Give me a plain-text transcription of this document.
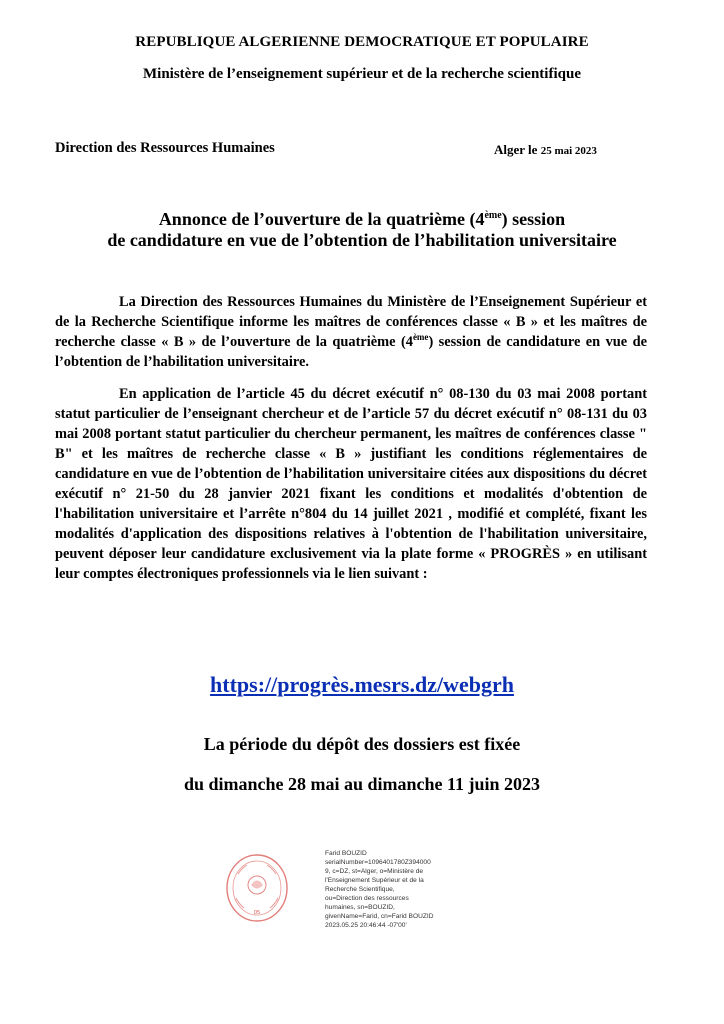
REPUBLIQUE ALGERIENNE DEMOCRATIQUE ET POPULAIRE
Ministère de l’enseignement supérieur et de la recherche scientifique
Direction des Ressources Humaines	Alger le 25 mai 2023
Annonce de l’ouverture de la quatrième (4ème) session
de candidature en vue de l’obtention de l’habilitation universitaire
La Direction des Ressources Humaines du Ministère de l’Enseignement Supérieur et de la Recherche Scientifique informe les maîtres de conférences classe « B » et les maîtres de recherche classe « B » de l’ouverture de la quatrième (4ème) session de candidature en vue de l’obtention de l’habilitation universitaire.
En application de l’article 45 du décret exécutif n° 08-130 du 03 mai 2008 portant statut particulier de l’enseignant chercheur et de l’article 57 du décret exécutif n° 08-131 du 03 mai 2008 portant statut particulier du chercheur permanent, les maîtres de conférences classe " B" et les maîtres de recherche classe « B » justifiant les conditions réglementaires de candidature en vue de l’obtention de l’habilitation universitaire citées aux dispositions du décret exécutif n° 21-50 du 28 janvier 2021 fixant les conditions et modalités d'obtention de l'habilitation universitaire et l’arrête n°804 du 14 juillet 2021 , modifié et complété, fixant les modalités d'application des dispositions relatives à l'obtention de l'habilitation universitaire, peuvent déposer leur candidature exclusivement via la plate forme « PROGRÈS » en utilisant leur comptes électroniques professionnels via le lien suivant :
https://progrès.mesrs.dz/webgrh
La période du dépôt des dossiers est fixée
du dimanche 28 mai au dimanche 11 juin 2023
05
Farid BOUZID
serialNumber=1096401780Z394000
9, c=DZ, st=Alger, o=Ministère de
l'Enseignement Supérieur et de la
Recherche Scientifique,
ou=Direction des ressources
humaines, sn=BOUZID,
givenName=Farid, cn=Farid BOUZID
2023.05.25 20:46:44 -07'00'
